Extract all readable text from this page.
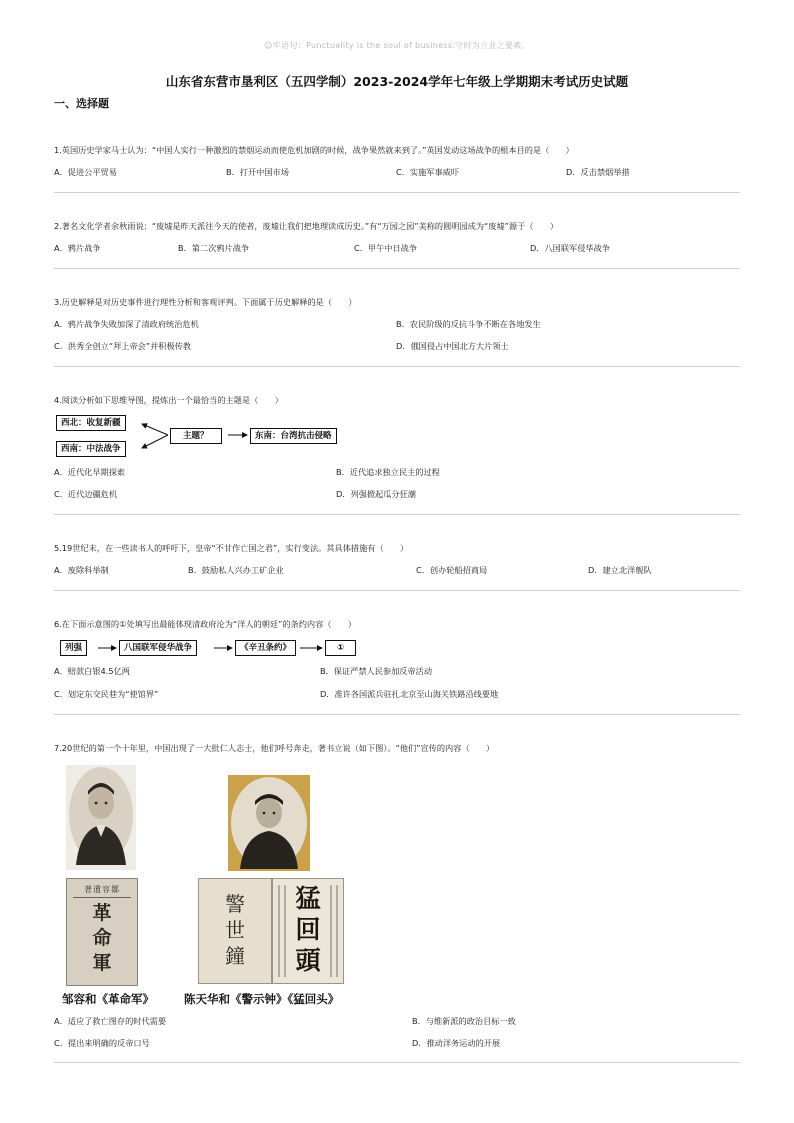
☺牢语句：Punctuality is the soul of business.守时为立业之要素。
山东省东营市垦利区（五四学制）2023-2024学年七年级上学期期末考试历史试题
一、选择题
1.英国历史学家马士认为：“中国人实行一种激烈的禁烟运动而使危机加剧的时候，战争果然就来到了。”英国发动这场战争的根本目的是（　　）
A．促进公平贸易	B．打开中国市场	C．实施军事威吓	D．反击禁烟举措
2.著名文化学者余秋雨说：“废墟是昨天派往今天的使者，废墟让我们把地理读成历史。”有“万园之园”美称的圆明园成为“废墟”源于（　　）
A．鸦片战争	B．第二次鸦片战争	C．甲午中日战争	D．八国联军侵华战争
3.历史解释是对历史事件进行理性分析和客观评判。下面属于历史解释的是（　　）
A．鸦片战争失败加深了清政府统治危机	B．农民阶级的反抗斗争不断在各地发生
C．洪秀全创立“拜上帝会”并积极传教	D．俄国侵占中国北方大片领土
4.阅读分析如下思维导图，提炼出一个最恰当的主题是（　　）
西北：收复新疆
西南：中法战争
主题？	东南：台湾抗击侵略
A．近代化早期探索	B．近代追求独立民主的过程
C．近代边疆危机	D．列强掀起瓜分狂潮
5.19世纪末，在一些读书人的呼吁下，皇帝“不甘作亡国之君”，实行变法。其具体措施有（　　）
A．废除科举制	B．鼓励私人兴办工矿企业	C．创办轮船招商局	D．建立北洋舰队
6.在下面示意图的①处填写出最能体现清政府沦为“洋人的朝廷”的条约内容（　　）
列强	八国联军侵华战争	《辛丑条约》	①
A．赔款白银4.5亿两	B．保证严禁人民参加反帝活动
C．划定东交民巷为“使馆界”	D．准许各国派兵驻扎北京至山海关铁路沿线要地
7.20世纪的第一个十年里，中国出现了一大批仁人志士，他们呼号奔走，著书立说（如下图）。“他们”宣传的内容（　　）
著遺容鄒
革命軍
警世鐘
猛回頭
邹容和《革命军》	陈天华和《警示钟》《猛回头》
A．适应了救亡图存的时代需要	B．与维新派的政治目标一致
C．提出来明确的反帝口号	D．推动洋务运动的开展
